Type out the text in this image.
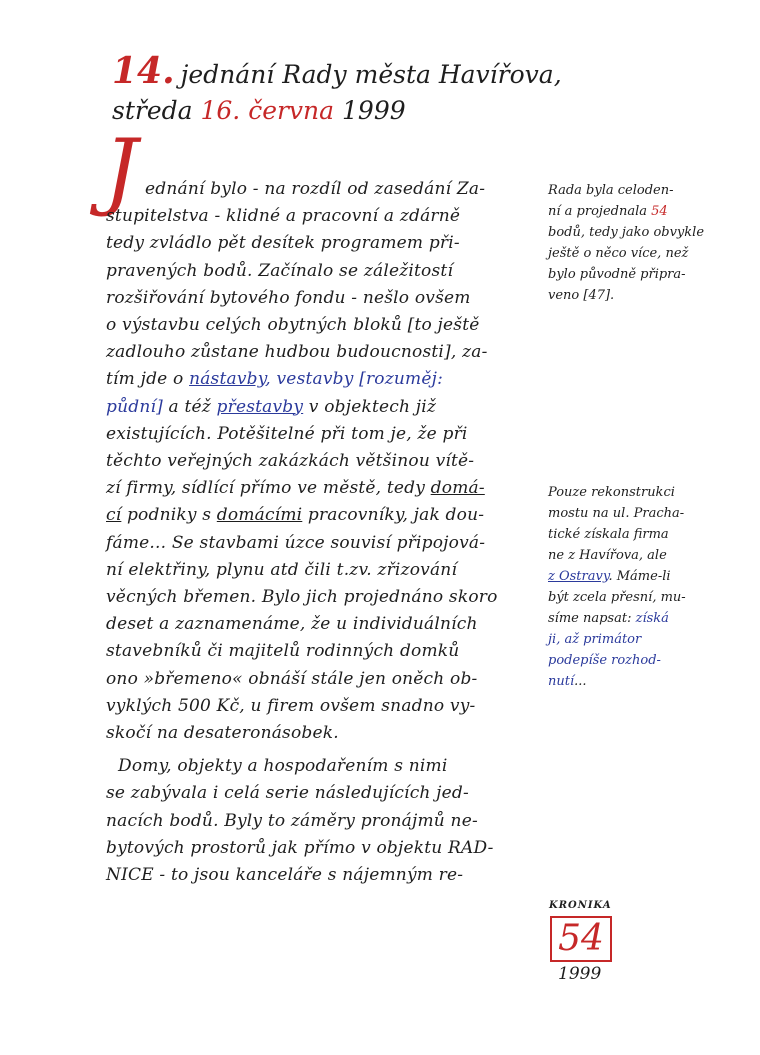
14. jednání Rady města Havířova,
středa 16. června 1999
J ednání bylo - na rozdíl od zasedání Za-
stupitelstva - klidné a pracovní a zdárně
tedy zvládlo pět desítek programem při-
pravených bodů. Začínalo se záležitostí
rozšiřování bytového fondu - nešlo ovšem
o výstavbu celých obytných bloků [to ještě
zadlouho zůstane hudbou budoucnosti], za-
tím jde o nástavby, vestavby [rozuměj:
půdní] a též přestavby v objektech již
existujících. Potěšitelné při tom je, že při
těchto veřejných zakázkách většinou vítě-
zí firmy, sídlící přímo ve městě, tedy domá-
cí podniky s domácími pracovníky, jak dou-
fáme... Se stavbami úzce souvisí připojová-
ní elektřiny, plynu atd čili t.zv. zřizování
věcných břemen. Bylo jich projednáno skoro
deset a zaznamenáme, že u individuálních
stavebníků či majitelů rodinných domků
ono »břemeno« obnáší stále jen oněch ob-
vyklých 500 Kč, u firem ovšem snadno vy-
skočí na desateronásobek.
Domy, objekty a hospodařením s nimi
se zabývala i celá serie následujících jed-
nacích bodů. Byly to záměry pronájmů ne-
bytových prostorů jak přímo v objektu RAD-
NICE - to jsou kanceláře s nájemným re-
Rada byla celoden-
ní a projednala 54
bodů, tedy jako obvykle
ještě o něco více, než
bylo původně připra-
veno [47].
Pouze rekonstrukci
mostu na ul. Pracha-
tické získala firma
ne z Havířova, ale
z Ostravy. Máme-li
být zcela přesní, mu-
síme napsat: získá
ji, až primátor
podepíše rozhod-
nutí...
KRONIKA
54
1999
